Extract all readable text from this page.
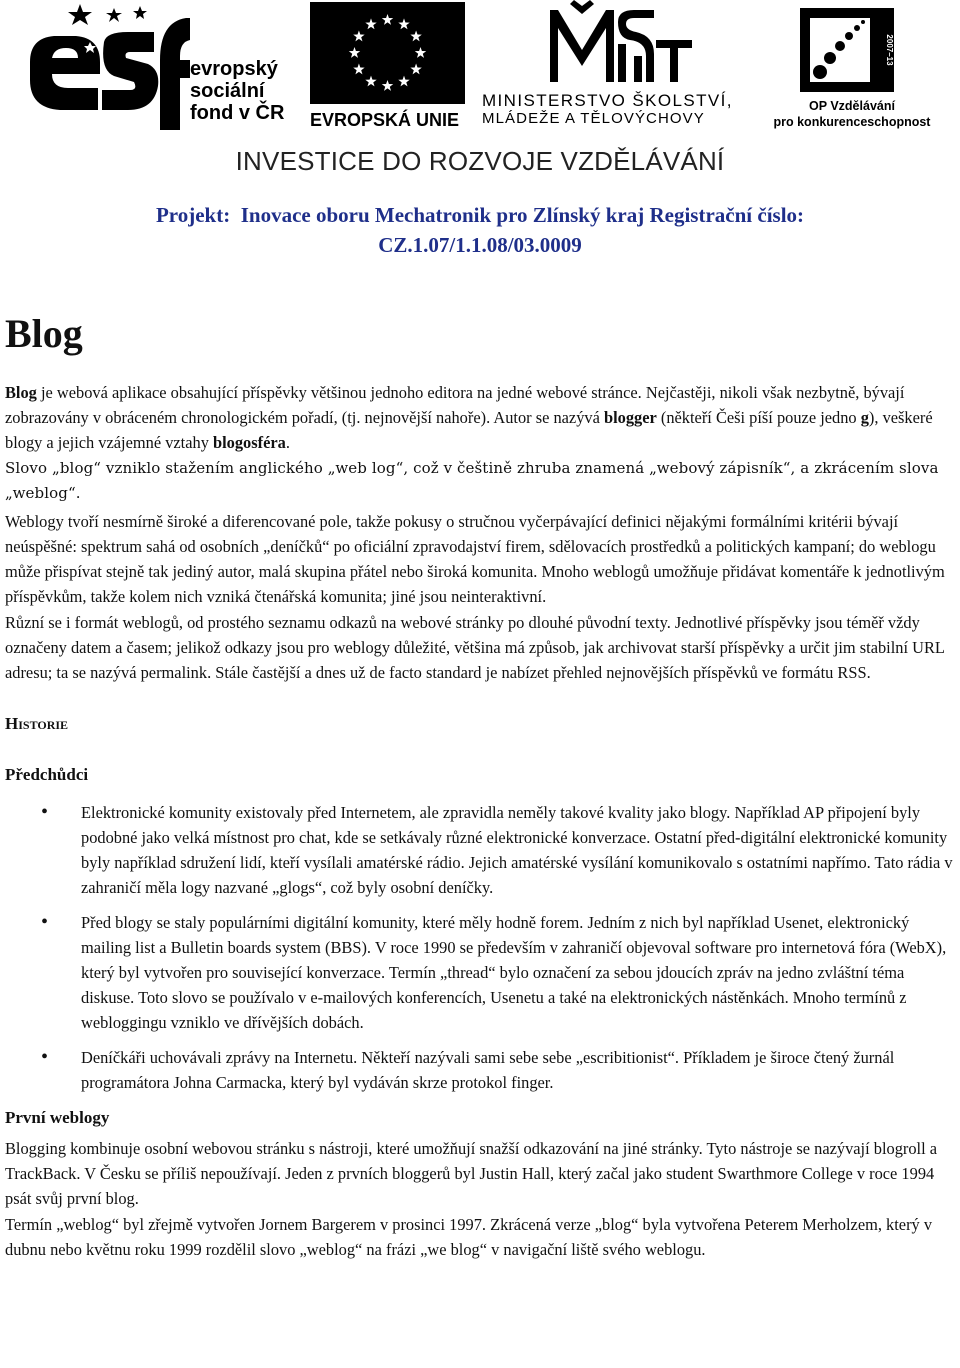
evropský
sociální
fond v ČR EVROPSKÁ UNIE
MINISTERSTVO ŠKOLSTVÍ,
MLÁDEŽE A TĚLOVÝCHOVY
2007–13
OP Vzdělávání
pro konkurenceschopnost
INVESTICE DO ROZVOJE VZDĚLÁVÁNÍ
Projekt:  Inovace oboru Mechatronik pro Zlínský kraj Registrační číslo:
CZ.1.07/1.1.08/03.0009
Blog

Blog je webová aplikace obsahující příspěvky většinou jednoho editora na jedné webové stránce. Nejčastěji, nikoli však nezbytně, bývají zobrazovány v obráceném chronologickém pořadí, (tj. nejnovější nahoře). Autor se nazývá blogger (někteří Češi píší pouze jedno g), veškeré blogy a jejich vzájemné vztahy blogosféra.

Slovo „blog“ vzniklo stažením anglického „web log“, což v češtině zhruba znamená „webový zápisník“, a zkrácením slova „weblog“.

Weblogy tvoří nesmírně široké a diferencované pole, takže pokusy o stručnou vyčerpávající definici nějakými formálními kritérii bývají neúspěšné: spektrum sahá od osobních „deníčků“ po oficiální zpravodajství firem, sdělovacích prostředků a politických kampaní; do weblogu může přispívat stejně tak jediný autor, malá skupina přátel nebo široká komunita. Mnoho weblogů umožňuje přidávat komentáře k jednotlivým příspěvkům, takže kolem nich vzniká čtenářská komunita; jiné jsou neinteraktivní.

Různí se i formát weblogů, od prostého seznamu odkazů na webové stránky po dlouhé původní texty. Jednotlivé příspěvky jsou téměř vždy označeny datem a časem; jelikož odkazy jsou pro weblogy důležité, většina má způsob, jak archivovat starší příspěvky a určit jim stabilní URL adresu; ta se nazývá permalink. Stále častější a dnes už de facto standard je nabízet přehled nejnovějších příspěvků ve formátu RSS.

Historie
Předchůdci
• Elektronické komunity existovaly před Internetem, ale zpravidla neměly takové kvality jako blogy. Například AP připojení byly podobné jako velká místnost pro chat, kde se setkávaly různé elektronické konverzace. Ostatní před-digitální elektronické komunity byly například sdružení lidí, kteří vysílali amatérské rádio. Jejich amatérské vysílání komunikovalo s ostatními napřímo. Tato rádia v zahraničí měla logy nazvané „glogs“, což byly osobní deníčky.
• Před blogy se staly populárními digitální komunity, které měly hodně forem. Jedním z nich byl například Usenet, elektronický mailing list a Bulletin boards system (BBS). V roce 1990 se především v zahraničí objevoval software pro internetová fóra (WebX), který byl vytvořen pro související konverzace. Termín „thread“ bylo označení za sebou jdoucích zpráv na jedno zvláštní téma diskuse. Toto slovo se používalo v e-mailových konferencích, Usenetu a také na elektronických nástěnkách. Mnoho termínů z webloggingu vzniklo ve dřívějších dobách.
• Deníčkáři uchovávali zprávy na Internetu. Někteří nazývali sami sebe sebe „escribitionist“. Příkladem je široce čtený žurnál programátora Johna Carmacka, který byl vydáván skrze protokol finger.
První weblogy

Blogging kombinuje osobní webovou stránku s nástroji, které umožňují snažší odkazování na jiné stránky. Tyto nástroje se nazývají blogroll a TrackBack. V Česku se příliš nepoužívají. Jeden z prvních bloggerů byl Justin Hall, který začal jako student Swarthmore College v roce 1994 psát svůj první blog.

Termín „weblog“ byl zřejmě vytvořen Jornem Bargerem v prosinci 1997. Zkrácená verze „blog“ byla vytvořena Peterem Merholzem, který v dubnu nebo květnu roku 1999 rozdělil slovo „weblog“ na frázi „we blog“ v navigační liště svého weblogu.
